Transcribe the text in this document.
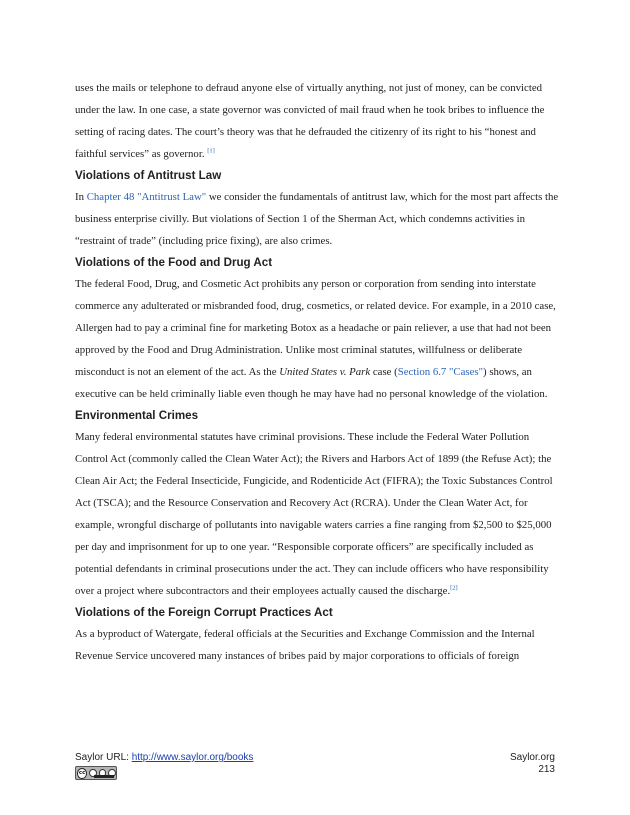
uses the mails or telephone to defraud anyone else of virtually anything, not just of money, can be convicted under the law. In one case, a state governor was convicted of mail fraud when he took bribes to influence the setting of racing dates. The court’s theory was that he defrauded the citizenry of its right to his “honest and faithful services” as governor. [1]

Violations of Antitrust Law

In Chapter 48 "Antitrust Law" we consider the fundamentals of antitrust law, which for the most part affects the business enterprise civilly. But violations of Section 1 of the Sherman Act, which condemns activities in “restraint of trade” (including price fixing), are also crimes.

Violations of the Food and Drug Act

The federal Food, Drug, and Cosmetic Act prohibits any person or corporation from sending into interstate commerce any adulterated or misbranded food, drug, cosmetics, or related device. For example, in a 2010 case, Allergen had to pay a criminal fine for marketing Botox as a headache or pain reliever, a use that had not been approved by the Food and Drug Administration. Unlike most criminal statutes, willfulness or deliberate misconduct is not an element of the act. As the United States v. Park case (Section 6.7 "Cases") shows, an executive can be held criminally liable even though he may have had no personal knowledge of the violation.

Environmental Crimes

Many federal environmental statutes have criminal provisions. These include the Federal Water Pollution Control Act (commonly called the Clean Water Act); the Rivers and Harbors Act of 1899 (the Refuse Act); the Clean Air Act; the Federal Insecticide, Fungicide, and Rodenticide Act (FIFRA); the Toxic Substances Control Act (TSCA); and the Resource Conservation and Recovery Act (RCRA). Under the Clean Water Act, for example, wrongful discharge of pollutants into navigable waters carries a fine ranging from $2,500 to $25,000 per day and imprisonment for up to one year. “Responsible corporate officers” are specifically included as potential defendants in criminal prosecutions under the act. They can include officers who have responsibility over a project where subcontractors and their employees actually caused the discharge.[2]

Violations of the Foreign Corrupt Practices Act

As a byproduct of Watergate, federal officials at the Securities and Exchange Commission and the Internal Revenue Service uncovered many instances of bribes paid by major corporations to officials of foreign

Saylor URL: http://www.saylor.org/books
cc
Saylor.org
213
